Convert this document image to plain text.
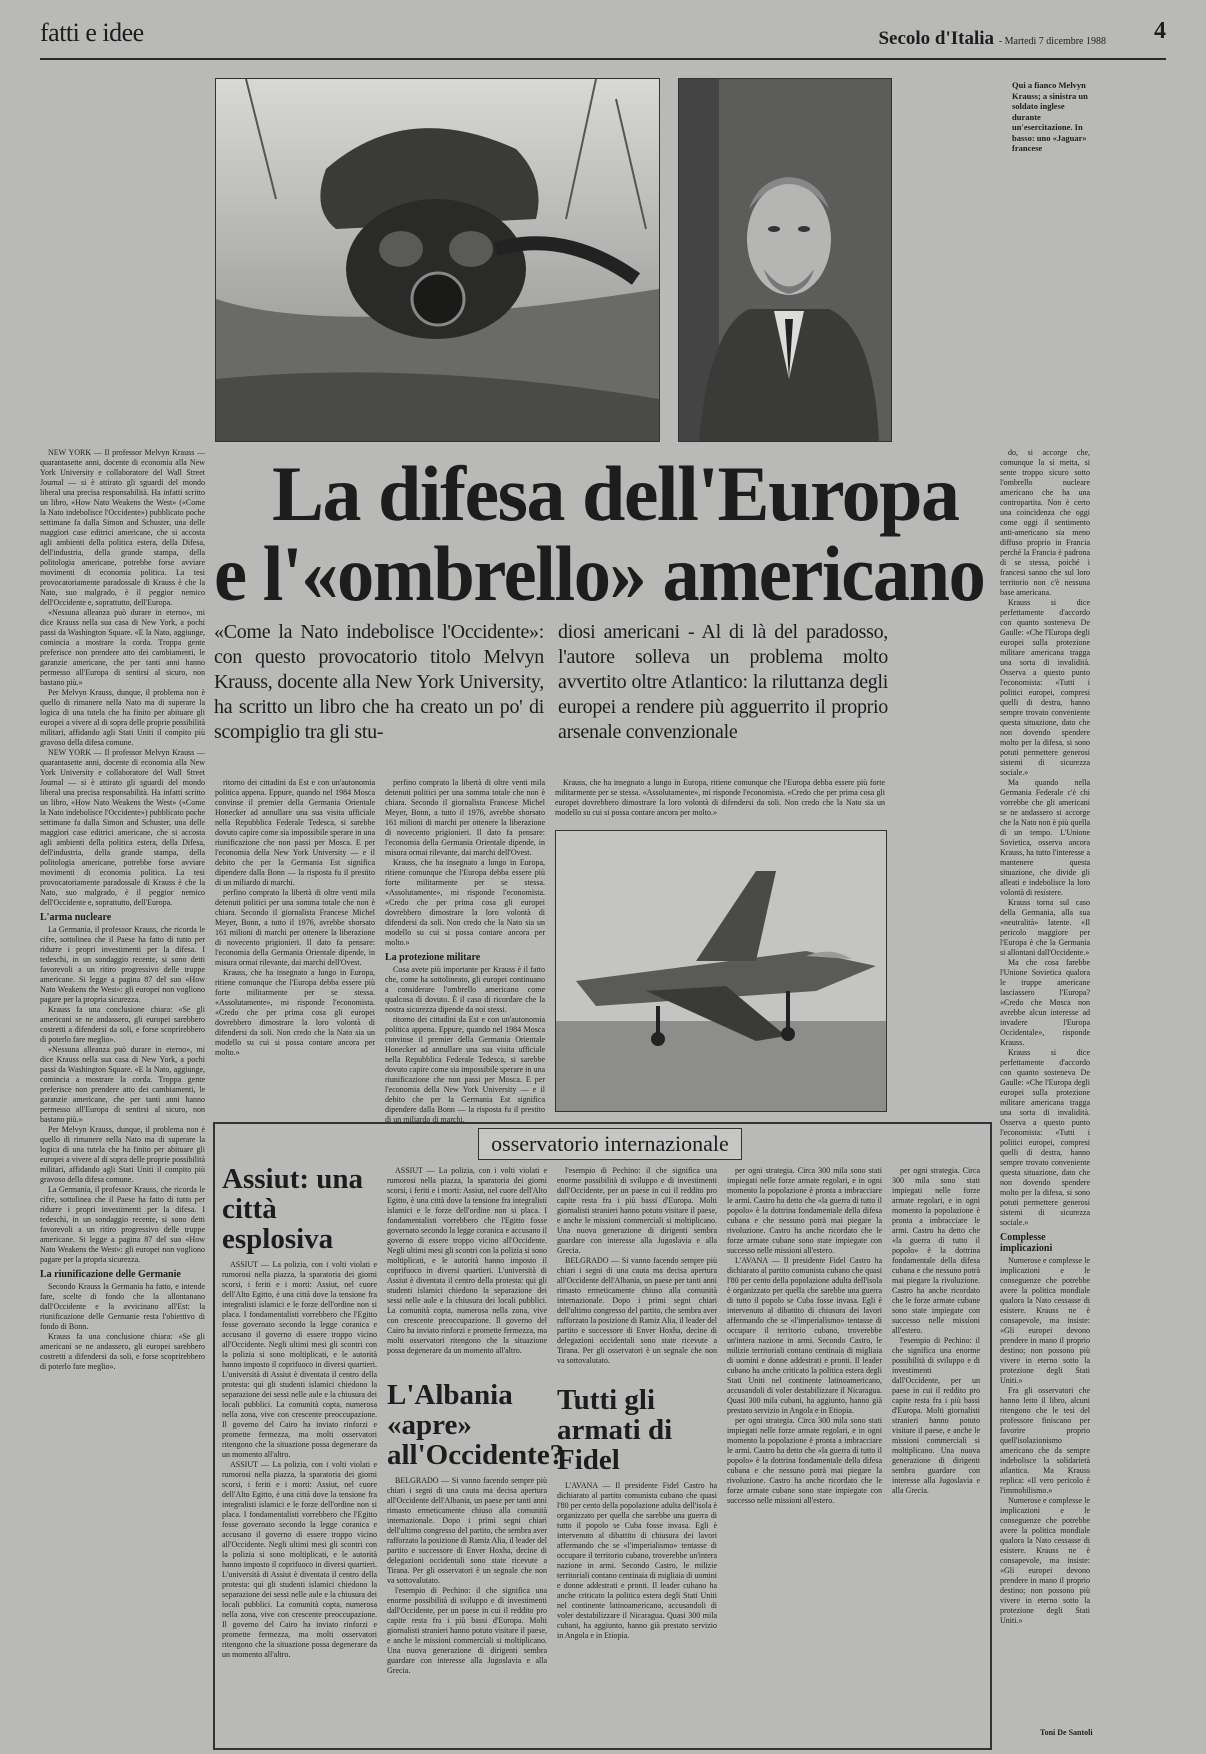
fatti e idee	Secolo d'Italia - Martedì 7 dicembre 1988 4
Qui a fianco Melvyn Krauss; a sinistra un soldato inglese durante un'esercitazione. In basso: uno «Jaguar» francese

NEW YORK — Il professor Melvyn Krauss — quarantasette anni, docente di economia alla New York University e collaboratore del Wall Street Journal — si è attirato gli sguardi del mondo liberal una precisa responsabilità. Ha infatti scritto un libro, «How Nato Weakens the West» («Come la Nato indebolisce l'Occidente») pubblicato poche settimane fa dalla Simon and Schuster, una delle maggiori case editrici americane, che si accosta agli ambienti della politica estera, della Difesa, dell'industria, della grande stampa, della politologia americane, potrebbe forse avviare movimenti di economia politica. La tesi provocatoriamente paradossale di Krauss è che la Nato, suo malgrado, è il peggior nemico dell'Occidente e, soprattutto, dell'Europa.

«Nessuna alleanza può durare in eterno», mi dice Krauss nella sua casa di New York, a pochi passi da Washington Square. «E la Nato, aggiunge, comincia a mostrare la corda. Troppa gente preferisce non prendere atto dei cambiamenti, le garanzie americane, che per tanti anni hanno permesso all'Europa di sentirsi al sicuro, non bastano più.»

Per Melvyn Krauss, dunque, il problema non è quello di rimanere nella Nato ma di superare la logica di una tutela che ha finito per abituare gli europei a vivere al di sopra delle proprie possibilità militari, affidando agli Stati Uniti il compito più gravoso della difesa comune.

NEW YORK — Il professor Melvyn Krauss — quarantasette anni, docente di economia alla New York University e collaboratore del Wall Street Journal — si è attirato gli sguardi del mondo liberal una precisa responsabilità. Ha infatti scritto un libro, «How Nato Weakens the West» («Come la Nato indebolisce l'Occidente») pubblicato poche settimane fa dalla Simon and Schuster, una delle maggiori case editrici americane, che si accosta agli ambienti della politica estera, della Difesa, dell'industria, della grande stampa, della politologia americane, potrebbe forse avviare movimenti di economia politica. La tesi provocatoriamente paradossale di Krauss è che la Nato, suo malgrado, è il peggior nemico dell'Occidente e, soprattutto, dell'Europa.

L'arma nucleare

La Germania, il professor Krauss, che ricorda le cifre, sottolinea che il Paese ha fatto di tutto per ridurre i propri investimenti per la difesa. I tedeschi, in un sondaggio recente, si sono detti favorevoli a un ritiro progressivo delle truppe americane. Si legge a pagina 87 del suo «How Nato Weakens the West»: gli europei non vogliono pagare per la propria sicurezza.

Krauss fa una conclusione chiara: «Se gli americani se ne andassero, gli europei sarebbero costretti a difendersi da soli, e forse scoprirebbero di poterlo fare meglio».

«Nessuna alleanza può durare in eterno», mi dice Krauss nella sua casa di New York, a pochi passi da Washington Square. «E la Nato, aggiunge, comincia a mostrare la corda. Troppa gente preferisce non prendere atto dei cambiamenti, le garanzie americane, che per tanti anni hanno permesso all'Europa di sentirsi al sicuro, non bastano più.»

Per Melvyn Krauss, dunque, il problema non è quello di rimanere nella Nato ma di superare la logica di una tutela che ha finito per abituare gli europei a vivere al di sopra delle proprie possibilità militari, affidando agli Stati Uniti il compito più gravoso della difesa comune.

La Germania, il professor Krauss, che ricorda le cifre, sottolinea che il Paese ha fatto di tutto per ridurre i propri investimenti per la difesa. I tedeschi, in un sondaggio recente, si sono detti favorevoli a un ritiro progressivo delle truppe americane. Si legge a pagina 87 del suo «How Nato Weakens the West»: gli europei non vogliono pagare per la propria sicurezza.

La riunificazione delle Germanie

Secondo Krauss la Germania ha fatto, e intende fare, scelte di fondo che la allontanano dall'Occidente e la avvicinano all'Est: la riunificazione delle Germanie resta l'obiettivo di fondo di Bonn.

Krauss fa una conclusione chiara: «Se gli americani se ne andassero, gli europei sarebbero costretti a difendersi da soli, e forse scoprirebbero di poterlo fare meglio».

La difesa dell'Europa
e l'«ombrello» americano
«Come la Nato indebolisce l'Occidente»: con questo provocatorio titolo Melvyn Krauss, docente alla New York University, ha scritto un libro che ha creato un po' di scompiglio tra gli stu-
diosi americani - Al di là del paradosso, l'autore solleva un problema molto avvertito oltre Atlantico: la riluttanza degli europei a rendere più agguerrito il proprio arsenale convenzionale

ritorno dei cittadini da Est e con un'autonomia politica appena. Eppure, quando nel 1984 Mosca convinse il premier della Germania Orientale Honecker ad annullare una sua visita ufficiale nella Repubblica Federale Tedesca, si sarebbe dovuto capire come sia impossibile sperare in una riunificazione che non passi per Mosca. E per l'economia della New York University — e il debito che per la Germania Est significa dipendere dalla Bonn — la risposta fu il prestito di un miliardo di marchi.

perfino comprato la libertà di oltre venti mila detenuti politici per una somma totale che non è chiara. Secondo il giornalista Francese Michel Meyer, Bonn, a tutto il 1976, avrebbe sborsato 161 milioni di marchi per ottenere la liberazione di novecento prigionieri. Il dato fa pensare: l'economia della Germania Orientale dipende, in misura ormai rilevante, dai marchi dell'Ovest.

Krauss, che ha insegnato a lungo in Europa, ritiene comunque che l'Europa debba essere più forte militarmente per se stessa. «Assolutamente», mi risponde l'economista. «Credo che per prima cosa gli europei dovrebbero dimostrare la loro volontà di difendersi da soli. Non credo che la Nato sia un modello su cui si possa contare ancora per molto.»

perfino comprato la libertà di oltre venti mila detenuti politici per una somma totale che non è chiara. Secondo il giornalista Francese Michel Meyer, Bonn, a tutto il 1976, avrebbe sborsato 161 milioni di marchi per ottenere la liberazione di novecento prigionieri. Il dato fa pensare: l'economia della Germania Orientale dipende, in misura ormai rilevante, dai marchi dell'Ovest.

Krauss, che ha insegnato a lungo in Europa, ritiene comunque che l'Europa debba essere più forte militarmente per se stessa. «Assolutamente», mi risponde l'economista. «Credo che per prima cosa gli europei dovrebbero dimostrare la loro volontà di difendersi da soli. Non credo che la Nato sia un modello su cui si possa contare ancora per molto.»

La protezione militare

Cosa avete più importante per Krauss è il fatto che, come ha sottolineato, gli europei continuano a considerare l'ombrello americano come qualcosa di dovuto. È il caso di ricordare che la nostra sicurezza dipende da noi stessi.

ritorno dei cittadini da Est e con un'autonomia politica appena. Eppure, quando nel 1984 Mosca convinse il premier della Germania Orientale Honecker ad annullare una sua visita ufficiale nella Repubblica Federale Tedesca, si sarebbe dovuto capire come sia impossibile sperare in una riunificazione che non passi per Mosca. E per l'economia della New York University — e il debito che per la Germania Est significa dipendere dalla Bonn — la risposta fu il prestito di un miliardo di marchi.

Krauss, che ha insegnato a lungo in Europa, ritiene comunque che l'Europa debba essere più forte militarmente per se stessa. «Assolutamente», mi risponde l'economista. «Credo che per prima cosa gli europei dovrebbero dimostrare la loro volontà di difendersi da soli. Non credo che la Nato sia un modello su cui si possa contare ancora per molto.»

do, si accorge che, comunque la si metta, si sente troppo sicuro sotto l'ombrello nucleare americano che ha una contropartita. Non è certo una coincidenza che oggi come oggi il sentimento anti-americano sia meno diffuso proprio in Francia perché la Francia è padrona di se stessa, poiché i francesi sanno che sul loro territorio non c'è nessuna base americana.

Krauss si dice perfettamente d'accordo con quanto sosteneva De Gaulle: «Che l'Europa degli europei sulla protezione militare americana tragga una sorta di invalidità. Osserva a questo punto l'economista: «Tutti i politici europei, compresi quelli di destra, hanno sempre trovato conveniente questa situazione, dato che non dovendo spendere molto per la difesa, si sono potuti permettere generosi sistemi di sicurezza sociale.»

Ma quando nella Germania Federale c'è chi vorrebbe che gli americani se ne andassero si accorge che la Nato non è più quella di un tempo. L'Unione Sovietica, osserva ancora Krauss, ha tutto l'interesse a mantenere questa situazione, che divide gli alleati e indebolisce la loro volontà di resistere.

Krauss torna sul caso della Germania, alla sua «neutralità» latente. «Il pericolo maggiore per l'Europa è che la Germania si allontani dall'Occidente.»

Ma che cosa farebbe l'Unione Sovietica qualora le truppe americane lasciassero l'Europa? «Credo che Mosca non avrebbe alcun interesse ad invadere l'Europa Occidentale», risponde Krauss.

Krauss si dice perfettamente d'accordo con quanto sosteneva De Gaulle: «Che l'Europa degli europei sulla protezione militare americana tragga una sorta di invalidità. Osserva a questo punto l'economista: «Tutti i politici europei, compresi quelli di destra, hanno sempre trovato conveniente questa situazione, dato che non dovendo spendere molto per la difesa, si sono potuti permettere generosi sistemi di sicurezza sociale.»

Complesse implicazioni

Numerose e complesse le implicazioni e le conseguenze che potrebbe avere la politica mondiale qualora la Nato cessasse di esistere. Krauss ne è consapevole, ma insiste: «Gli europei devono prendere in mano il proprio destino; non possono più vivere in eterno sotto la protezione degli Stati Uniti.»

Fra gli osservatori che hanno letto il libro, alcuni ritengono che le tesi del professore finiscano per favorire proprio quell'isolazionismo americano che da sempre indebolisce la solidarietà atlantica. Ma Krauss replica: «Il vero pericolo è l'immobilismo.»

Numerose e complesse le implicazioni e le conseguenze che potrebbe avere la politica mondiale qualora la Nato cessasse di esistere. Krauss ne è consapevole, ma insiste: «Gli europei devono prendere in mano il proprio destino; non possono più vivere in eterno sotto la protezione degli Stati Uniti.»

Toni De Santoli
osservatorio internazionale
Assiut: una città esplosiva

ASSIUT — La polizia, con i volti violati e rumorosi nella piazza, la sparatoria dei giorni scorsi, i feriti e i morti: Assiut, nel cuore dell'Alto Egitto, è una città dove la tensione fra integralisti islamici e le forze dell'ordine non si placa. I fondamentalisti vorrebbero che l'Egitto fosse governato secondo la legge coranica e accusano il governo di essere troppo vicino all'Occidente. Negli ultimi mesi gli scontri con la polizia si sono moltiplicati, e le autorità hanno imposto il coprifuoco in diversi quartieri. L'università di Assiut è diventata il centro della protesta: qui gli studenti islamici chiedono la separazione dei sessi nelle aule e la chiusura dei locali pubblici. La comunità copta, numerosa nella zona, vive con crescente preoccupazione. Il governo del Cairo ha inviato rinforzi e promette fermezza, ma molti osservatori ritengono che la situazione possa degenerare da un momento all'altro.

ASSIUT — La polizia, con i volti violati e rumorosi nella piazza, la sparatoria dei giorni scorsi, i feriti e i morti: Assiut, nel cuore dell'Alto Egitto, è una città dove la tensione fra integralisti islamici e le forze dell'ordine non si placa. I fondamentalisti vorrebbero che l'Egitto fosse governato secondo la legge coranica e accusano il governo di essere troppo vicino all'Occidente. Negli ultimi mesi gli scontri con la polizia si sono moltiplicati, e le autorità hanno imposto il coprifuoco in diversi quartieri. L'università di Assiut è diventata il centro della protesta: qui gli studenti islamici chiedono la separazione dei sessi nelle aule e la chiusura dei locali pubblici. La comunità copta, numerosa nella zona, vive con crescente preoccupazione. Il governo del Cairo ha inviato rinforzi e promette fermezza, ma molti osservatori ritengono che la situazione possa degenerare da un momento all'altro.

ASSIUT — La polizia, con i volti violati e rumorosi nella piazza, la sparatoria dei giorni scorsi, i feriti e i morti: Assiut, nel cuore dell'Alto Egitto, è una città dove la tensione fra integralisti islamici e le forze dell'ordine non si placa. I fondamentalisti vorrebbero che l'Egitto fosse governato secondo la legge coranica e accusano il governo di essere troppo vicino all'Occidente. Negli ultimi mesi gli scontri con la polizia si sono moltiplicati, e le autorità hanno imposto il coprifuoco in diversi quartieri. L'università di Assiut è diventata il centro della protesta: qui gli studenti islamici chiedono la separazione dei sessi nelle aule e la chiusura dei locali pubblici. La comunità copta, numerosa nella zona, vive con crescente preoccupazione. Il governo del Cairo ha inviato rinforzi e promette fermezza, ma molti osservatori ritengono che la situazione possa degenerare da un momento all'altro.

L'Albania «apre» all'Occidente?

BELGRADO — Si vanno facendo sempre più chiari i segni di una cauta ma decisa apertura all'Occidente dell'Albania, un paese per tanti anni rimasto ermeticamente chiuso alla comunità internazionale. Dopo i primi segni chiari dell'ultimo congresso del partito, che sembra aver rafforzato la posizione di Ramiz Alia, il leader del partito e successore di Enver Hoxha, decine di delegazioni occidentali sono state ricevute a Tirana. Per gli osservatori è un segnale che non va sottovalutato.

l'esempio di Pechino: il che significa una enorme possibilità di sviluppo e di investimenti dall'Occidente, per un paese in cui il reddito pro capite resta fra i più bassi d'Europa. Molti giornalisti stranieri hanno potuto visitare il paese, e anche le missioni commerciali si moltiplicano. Una nuova generazione di dirigenti sembra guardare con interesse alla Jugoslavia e alla Grecia.

l'esempio di Pechino: il che significa una enorme possibilità di sviluppo e di investimenti dall'Occidente, per un paese in cui il reddito pro capite resta fra i più bassi d'Europa. Molti giornalisti stranieri hanno potuto visitare il paese, e anche le missioni commerciali si moltiplicano. Una nuova generazione di dirigenti sembra guardare con interesse alla Jugoslavia e alla Grecia.

BELGRADO — Si vanno facendo sempre più chiari i segni di una cauta ma decisa apertura all'Occidente dell'Albania, un paese per tanti anni rimasto ermeticamente chiuso alla comunità internazionale. Dopo i primi segni chiari dell'ultimo congresso del partito, che sembra aver rafforzato la posizione di Ramiz Alia, il leader del partito e successore di Enver Hoxha, decine di delegazioni occidentali sono state ricevute a Tirana. Per gli osservatori è un segnale che non va sottovalutato.

Tutti gli armati di Fidel

L'AVANA — Il presidente Fidel Castro ha dichiarato al partito comunista cubano che quasi l'80 per cento della popolazione adulta dell'isola è organizzato per quella che sarebbe una guerra di tutto il popolo se Cuba fosse invasa. Egli è intervenuto al dibattito di chiusura dei lavori affermando che se «l'imperialismo» tentasse di occupare il territorio cubano, troverebbe un'intera nazione in armi. Secondo Castro, le milizie territoriali contano centinaia di migliaia di uomini e donne addestrati e pronti. Il leader cubano ha anche criticato la politica estera degli Stati Uniti nel continente latinoamericano, accusandoli di voler destabilizzare il Nicaragua. Quasi 300 mila cubani, ha aggiunto, hanno già prestato servizio in Angola e in Etiopia.

per ogni strategia. Circa 300 mila sono stati impiegati nelle forze armate regolari, e in ogni momento la popolazione è pronta a imbracciare le armi. Castro ha detto che «la guerra di tutto il popolo» è la dottrina fondamentale della difesa cubana e che nessuno potrà mai piegare la rivoluzione. Castro ha anche ricordato che le forze armate cubane sono state impiegate con successo nelle missioni all'estero.

L'AVANA — Il presidente Fidel Castro ha dichiarato al partito comunista cubano che quasi l'80 per cento della popolazione adulta dell'isola è organizzato per quella che sarebbe una guerra di tutto il popolo se Cuba fosse invasa. Egli è intervenuto al dibattito di chiusura dei lavori affermando che se «l'imperialismo» tentasse di occupare il territorio cubano, troverebbe un'intera nazione in armi. Secondo Castro, le milizie territoriali contano centinaia di migliaia di uomini e donne addestrati e pronti. Il leader cubano ha anche criticato la politica estera degli Stati Uniti nel continente latinoamericano, accusandoli di voler destabilizzare il Nicaragua. Quasi 300 mila cubani, ha aggiunto, hanno già prestato servizio in Angola e in Etiopia.

per ogni strategia. Circa 300 mila sono stati impiegati nelle forze armate regolari, e in ogni momento la popolazione è pronta a imbracciare le armi. Castro ha detto che «la guerra di tutto il popolo» è la dottrina fondamentale della difesa cubana e che nessuno potrà mai piegare la rivoluzione. Castro ha anche ricordato che le forze armate cubane sono state impiegate con successo nelle missioni all'estero.

per ogni strategia. Circa 300 mila sono stati impiegati nelle forze armate regolari, e in ogni momento la popolazione è pronta a imbracciare le armi. Castro ha detto che «la guerra di tutto il popolo» è la dottrina fondamentale della difesa cubana e che nessuno potrà mai piegare la rivoluzione. Castro ha anche ricordato che le forze armate cubane sono state impiegate con successo nelle missioni all'estero.

l'esempio di Pechino: il che significa una enorme possibilità di sviluppo e di investimenti dall'Occidente, per un paese in cui il reddito pro capite resta fra i più bassi d'Europa. Molti giornalisti stranieri hanno potuto visitare il paese, e anche le missioni commerciali si moltiplicano. Una nuova generazione di dirigenti sembra guardare con interesse alla Jugoslavia e alla Grecia.
